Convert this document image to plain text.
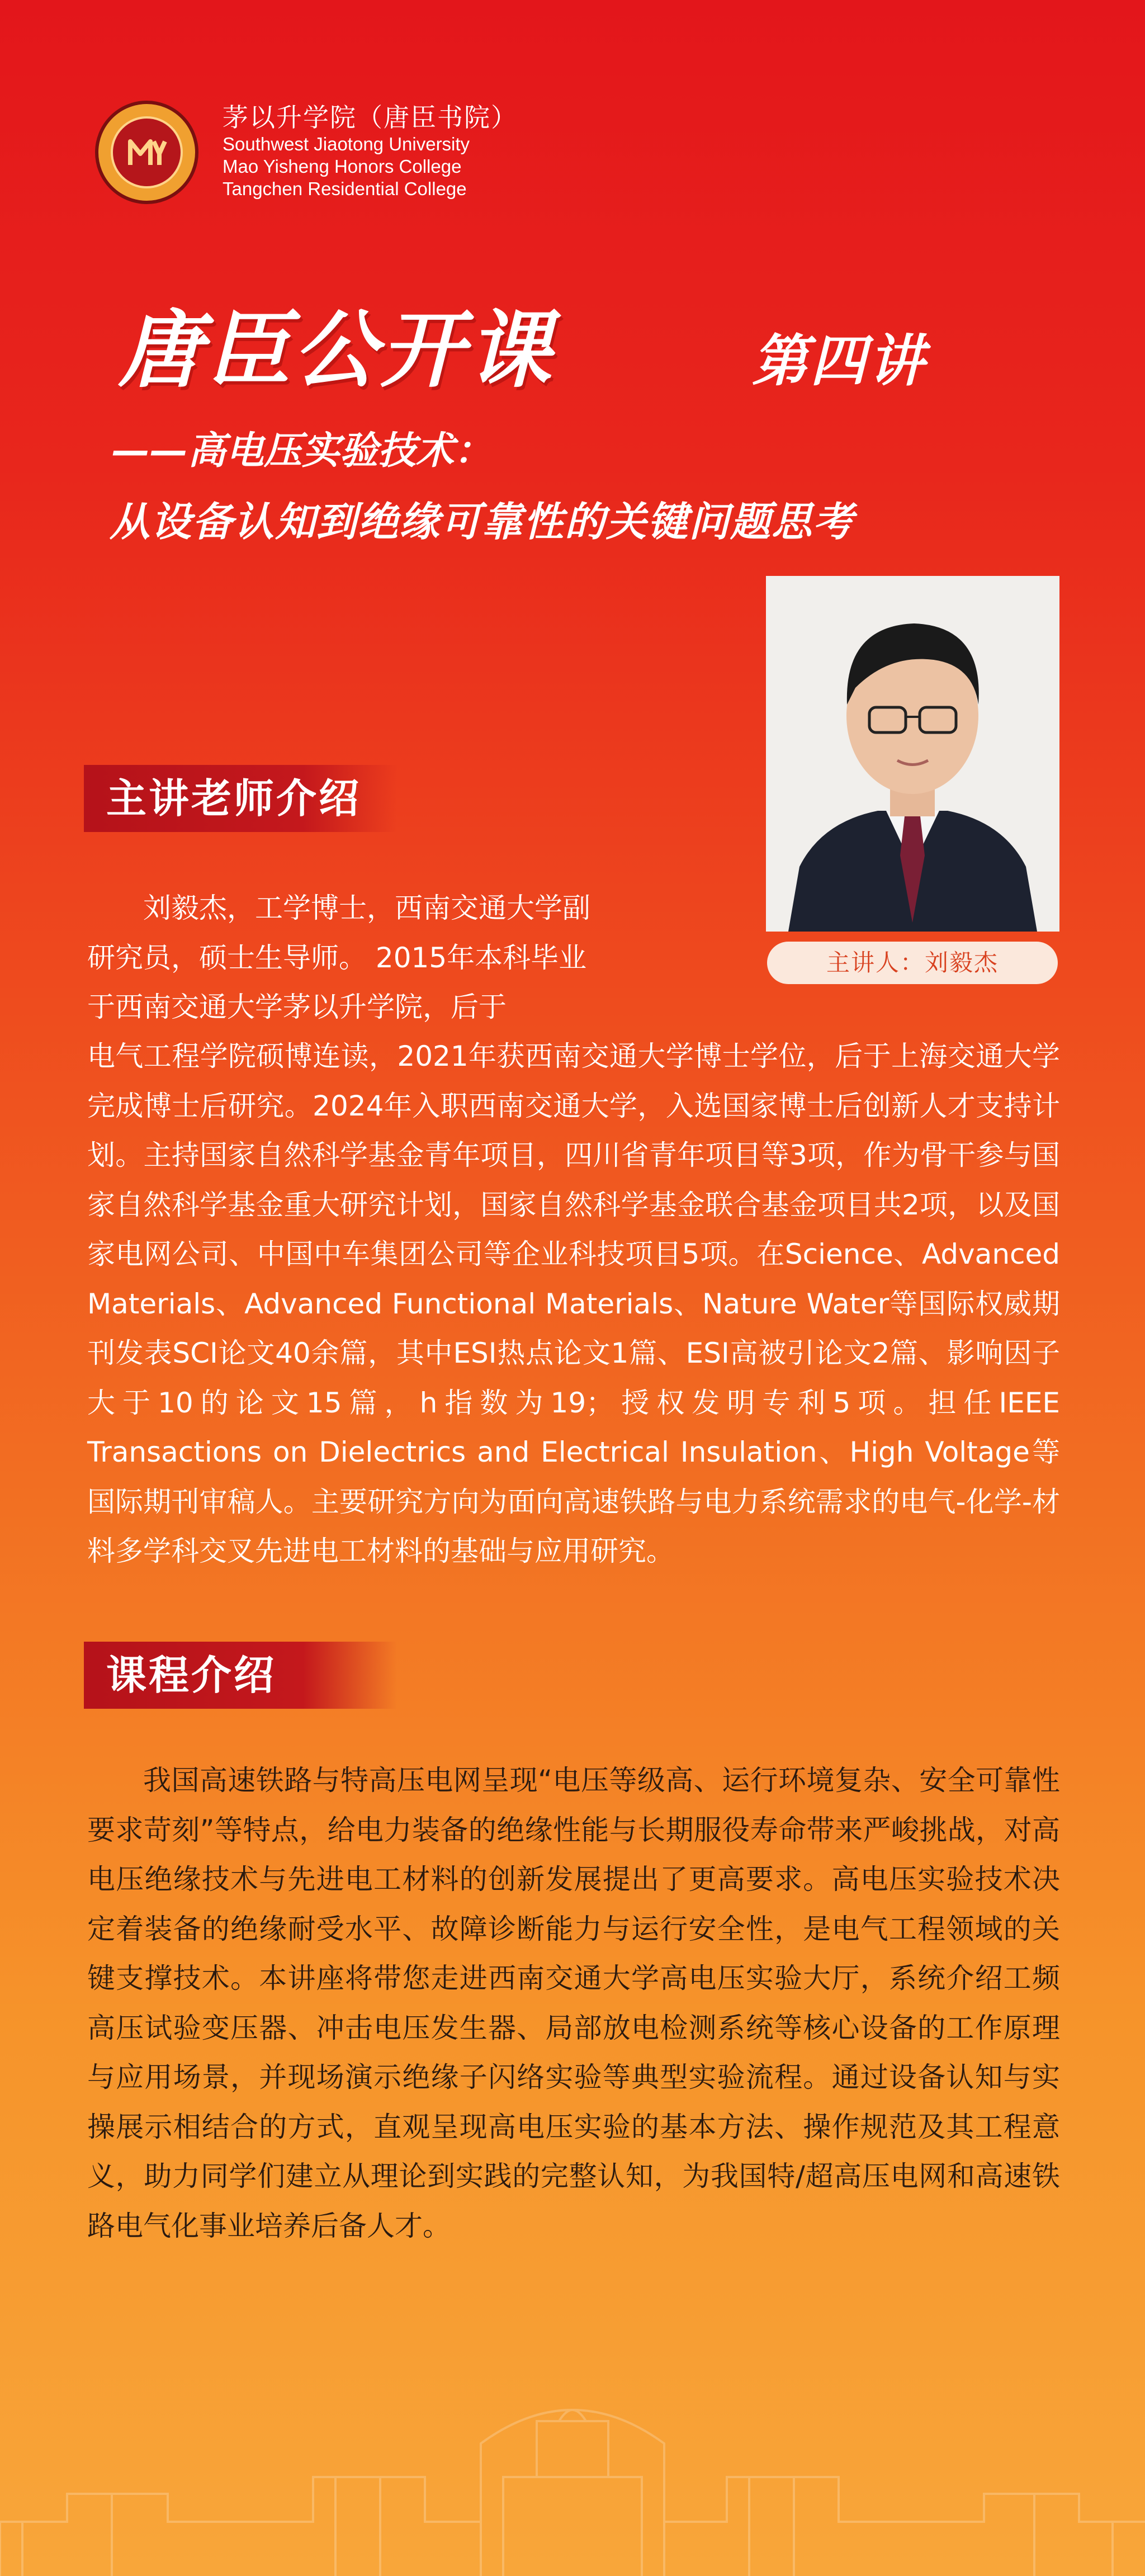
茅以升学院（唐臣书院）
Southwest Jiaotong University
Mao Yisheng Honors College
Tangchen Residential College
唐臣公开课	第四讲
——高电压实验技术：
从设备认知到绝缘可靠性的关键问题思考
主讲人：刘毅杰
主讲老师介绍
刘毅杰，工学博士，西南交通大学副研究员，硕士生导师。 2015年本科毕业于西南交通大学茅以升学院，后于
电气工程学院硕博连读，2021年获西南交通大学博士学位，后于上海交通大学完成博士后研究。2024年入职西南交通大学，入选国家博士后创新人才支持计划。主持国家自然科学基金青年项目，四川省青年项目等3项，作为骨干参与国家自然科学基金重大研究计划，国家自然科学基金联合基金项目共2项，以及国家电网公司、中国中车集团公司等企业科技项目5项。在Science、Advanced Materials、Advanced Functional Materials、Nature Water等国际权威期刊发表SCI论文40余篇，其中ESI热点论文1篇、ESI高被引论文2篇、影响因子大于10的论文15篇，h指数为19；授权发明专利5项。担任IEEE Transactions on Dielectrics and Electrical Insulation、High Voltage等国际期刊审稿人。主要研究方向为面向高速铁路与电力系统需求的电气-化学-材料多学科交叉先进电工材料的基础与应用研究。
课程介绍
我国高速铁路与特高压电网呈现“电压等级高、运行环境复杂、安全可靠性要求苛刻”等特点，给电力装备的绝缘性能与长期服役寿命带来严峻挑战，对高电压绝缘技术与先进电工材料的创新发展提出了更高要求。高电压实验技术决定着装备的绝缘耐受水平、故障诊断能力与运行安全性，是电气工程领域的关键支撑技术。本讲座将带您走进西南交通大学高电压实验大厅，系统介绍工频高压试验变压器、冲击电压发生器、局部放电检测系统等核心设备的工作原理与应用场景，并现场演示绝缘子闪络实验等典型实验流程。通过设备认知与实操展示相结合的方式，直观呈现高电压实验的基本方法、操作规范及其工程意义，助力同学们建立从理论到实践的完整认知，为我国特/超高压电网和高速铁路电气化事业培养后备人才。
